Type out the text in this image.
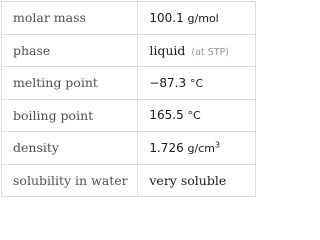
molar mass	100.1 g/mol
phase	liquid (at STP)
melting point	−87.3 °C
boiling point	165.5 °C
density	1.726 $g/cm^3$
solubility in water	very soluble
